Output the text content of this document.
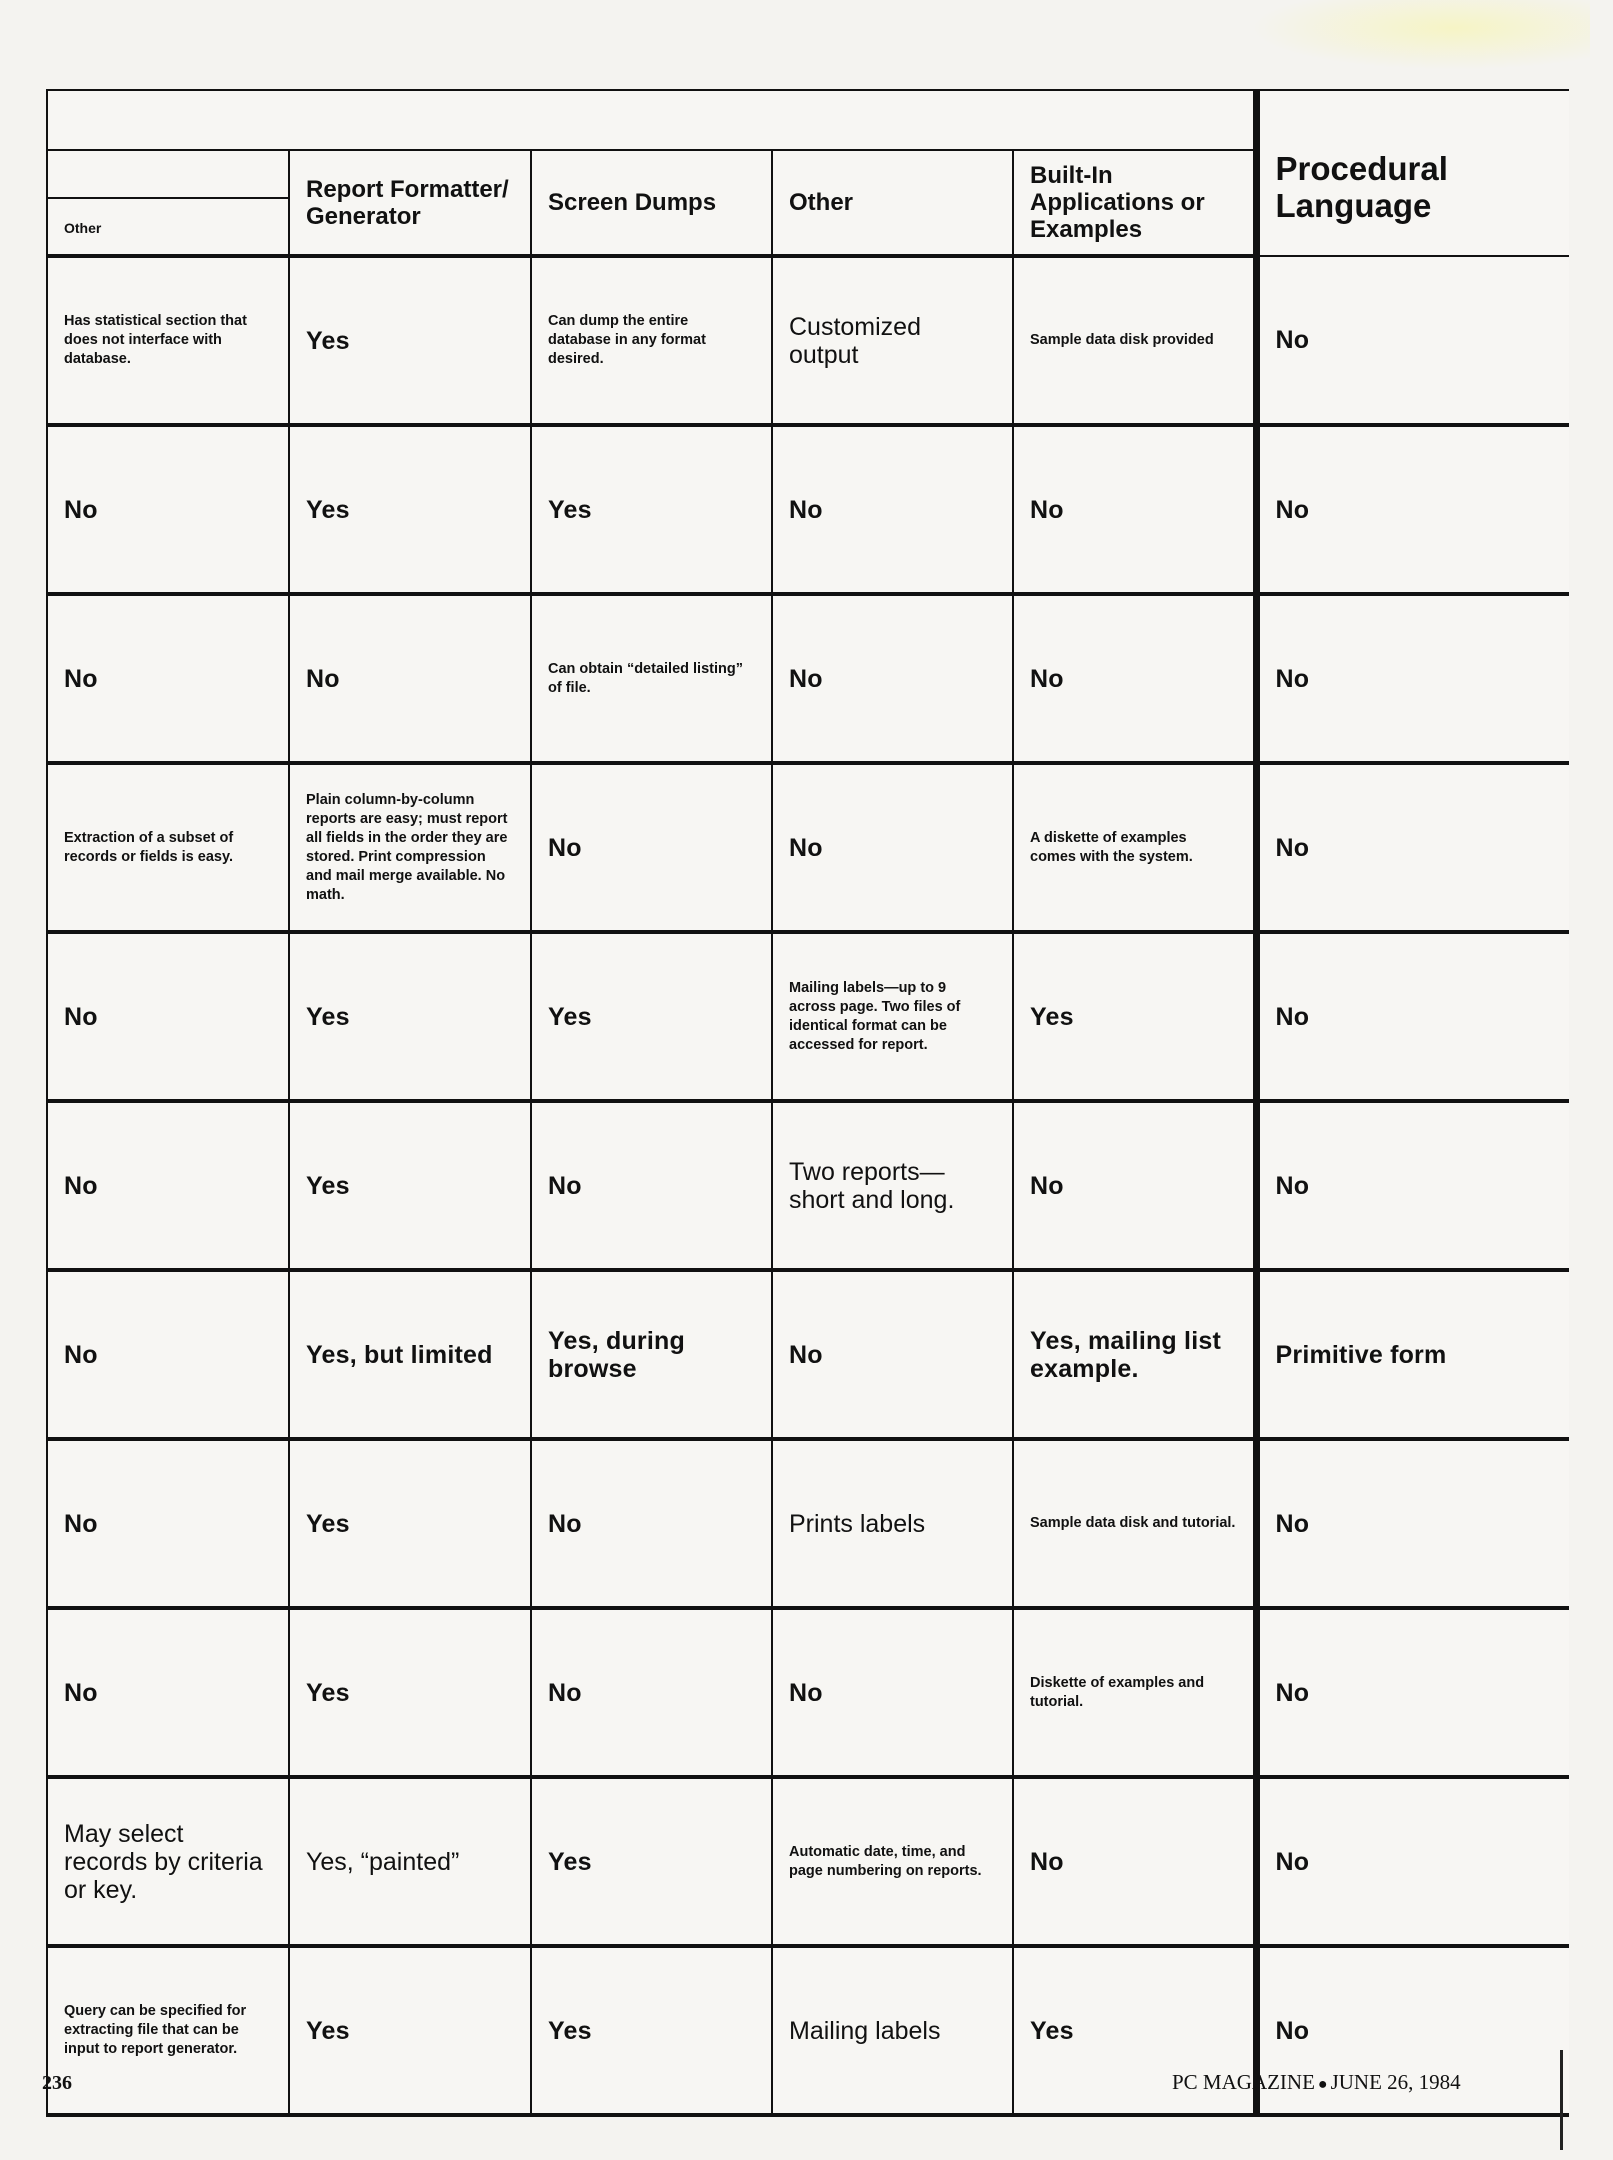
					Procedural Language

Other	Report Formatter/ Generator	Screen Dumps	Other	Built-In Applications or Examples	

Has statistical section that does not interface with database.	Yes	Can dump the entire database in any format desired.	Customized output	Sample data disk provided	No
No	Yes	Yes	No	No	No
No	No	Can obtain “detailed listing” of file.	No	No	No
Extraction of a subset of records or fields is easy.	Plain column-by-column reports are easy; must report all fields in the order they are stored. Print compression and mail merge available. No math.	No	No	A diskette of examples comes with the system.	No
No	Yes	Yes	Mailing labels—up to 9 across page. Two files of identical format can be accessed for report.	Yes	No
No	Yes	No	Two reports—short and long.	No	No
No	Yes, but limited	Yes, during browse	No	Yes, mailing list example.	Primitive form
No	Yes	No	Prints labels	Sample data disk and tutorial.	No
No	Yes	No	No	Diskette of examples and tutorial.	No
May select records by criteria or key.	Yes, “painted”	Yes	Automatic date, time, and page numbering on reports.	No	No
Query can be specified for extracting file that can be input to report generator.	Yes	Yes	Mailing labels	Yes	No
236	PC MAGAZINE ● JUNE 26, 1984
